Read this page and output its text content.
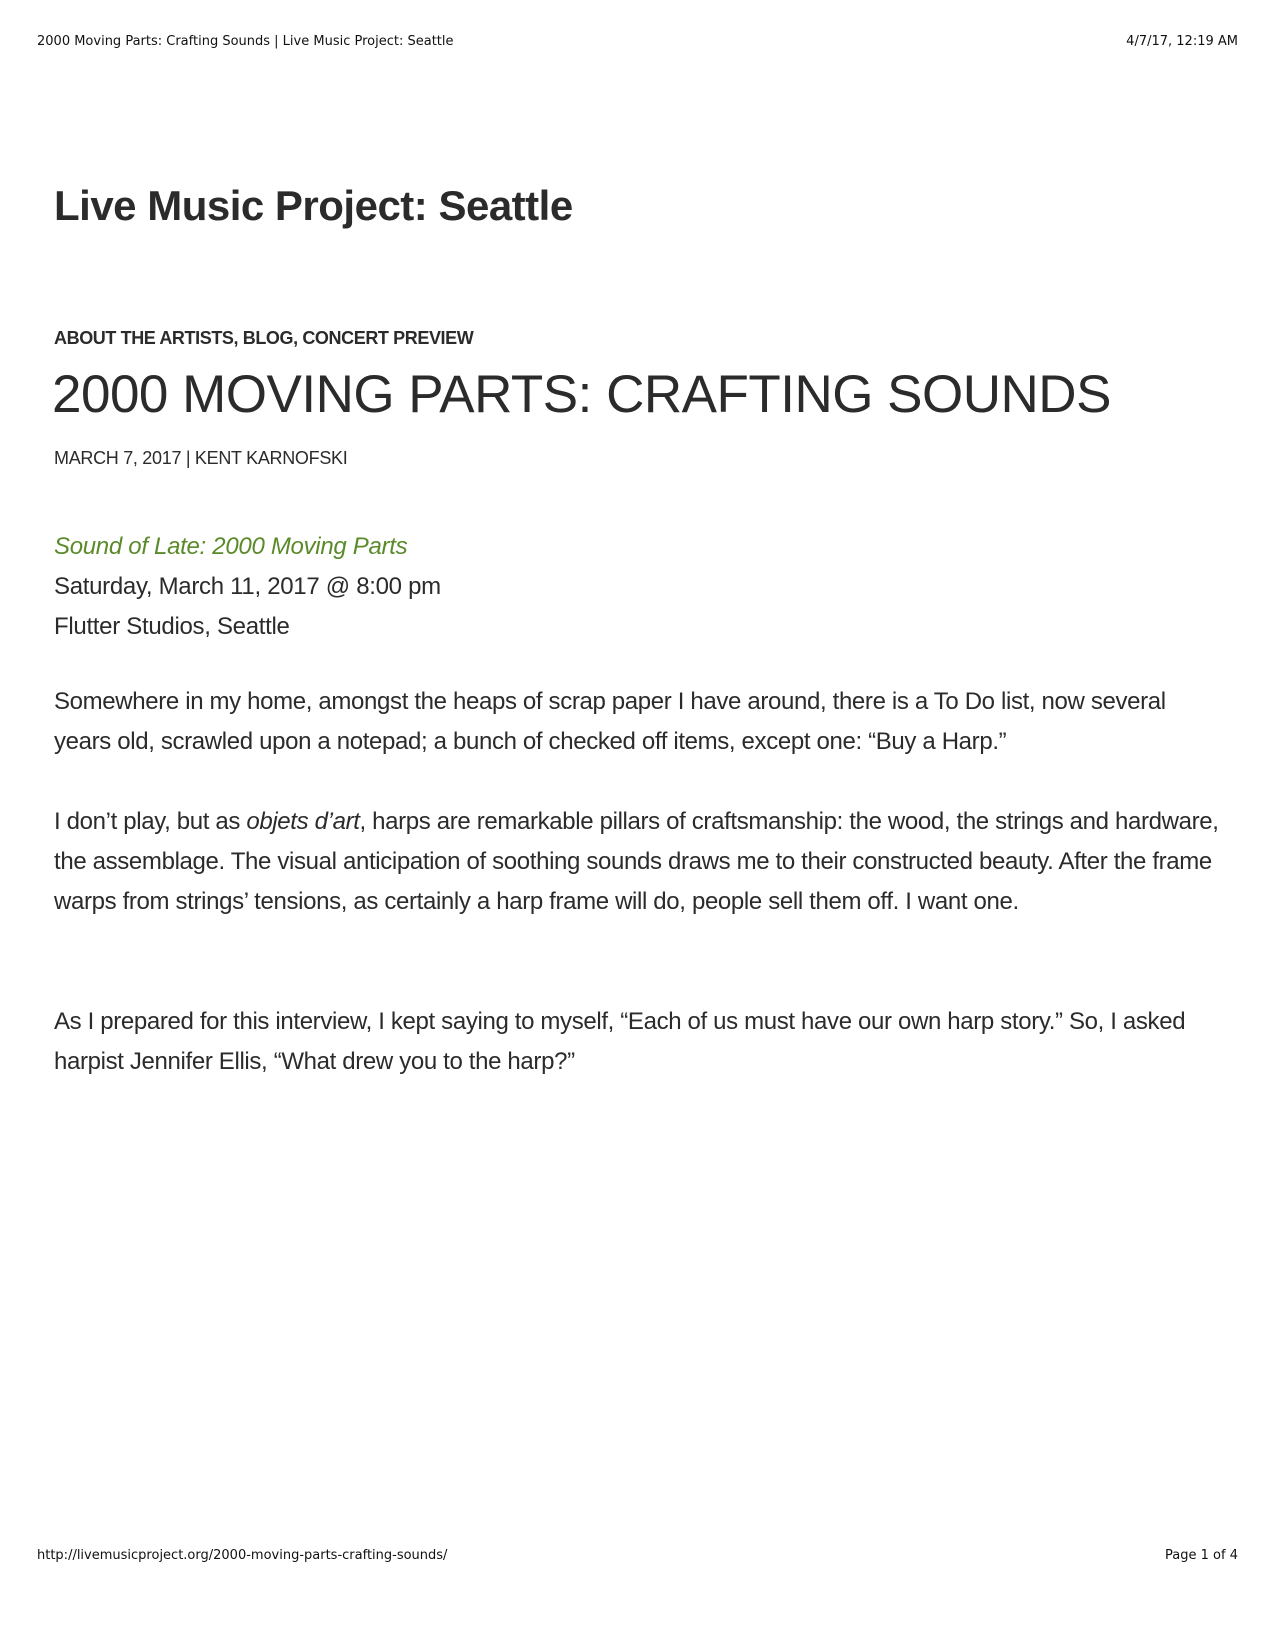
2000 Moving Parts: Crafting Sounds | Live Music Project: Seattle	4/7/17, 12:19 AM
Live Music Project: Seattle
ABOUT THE ARTISTS, BLOG, CONCERT PREVIEW
2000 MOVING PARTS: CRAFTING SOUNDS
MARCH 7, 2017 | KENT KARNOFSKI
Sound of Late: 2000 Moving Parts
Saturday, March 11, 2017 @ 8:00 pm
Flutter Studios, Seattle

Somewhere in my home, amongst the heaps of scrap paper I have around, there is a To Do list, now several years old, scrawled upon a notepad; a bunch of checked off items, except one: “Buy a Harp.”

I don’t play, but as objets d’art, harps are remarkable pillars of craftsmanship: the wood, the strings and hardware, the assemblage. The visual anticipation of soothing sounds draws me to their constructed beauty. After the frame warps from strings’ tensions, as certainly a harp frame will do, people sell them off. I want one.

As I prepared for this interview, I kept saying to myself, “Each of us must have our own harp story.” So, I asked harpist Jennifer Ellis, “What drew you to the harp?”

http://livemusicproject.org/2000-moving-parts-crafting-sounds/	Page 1 of 4
